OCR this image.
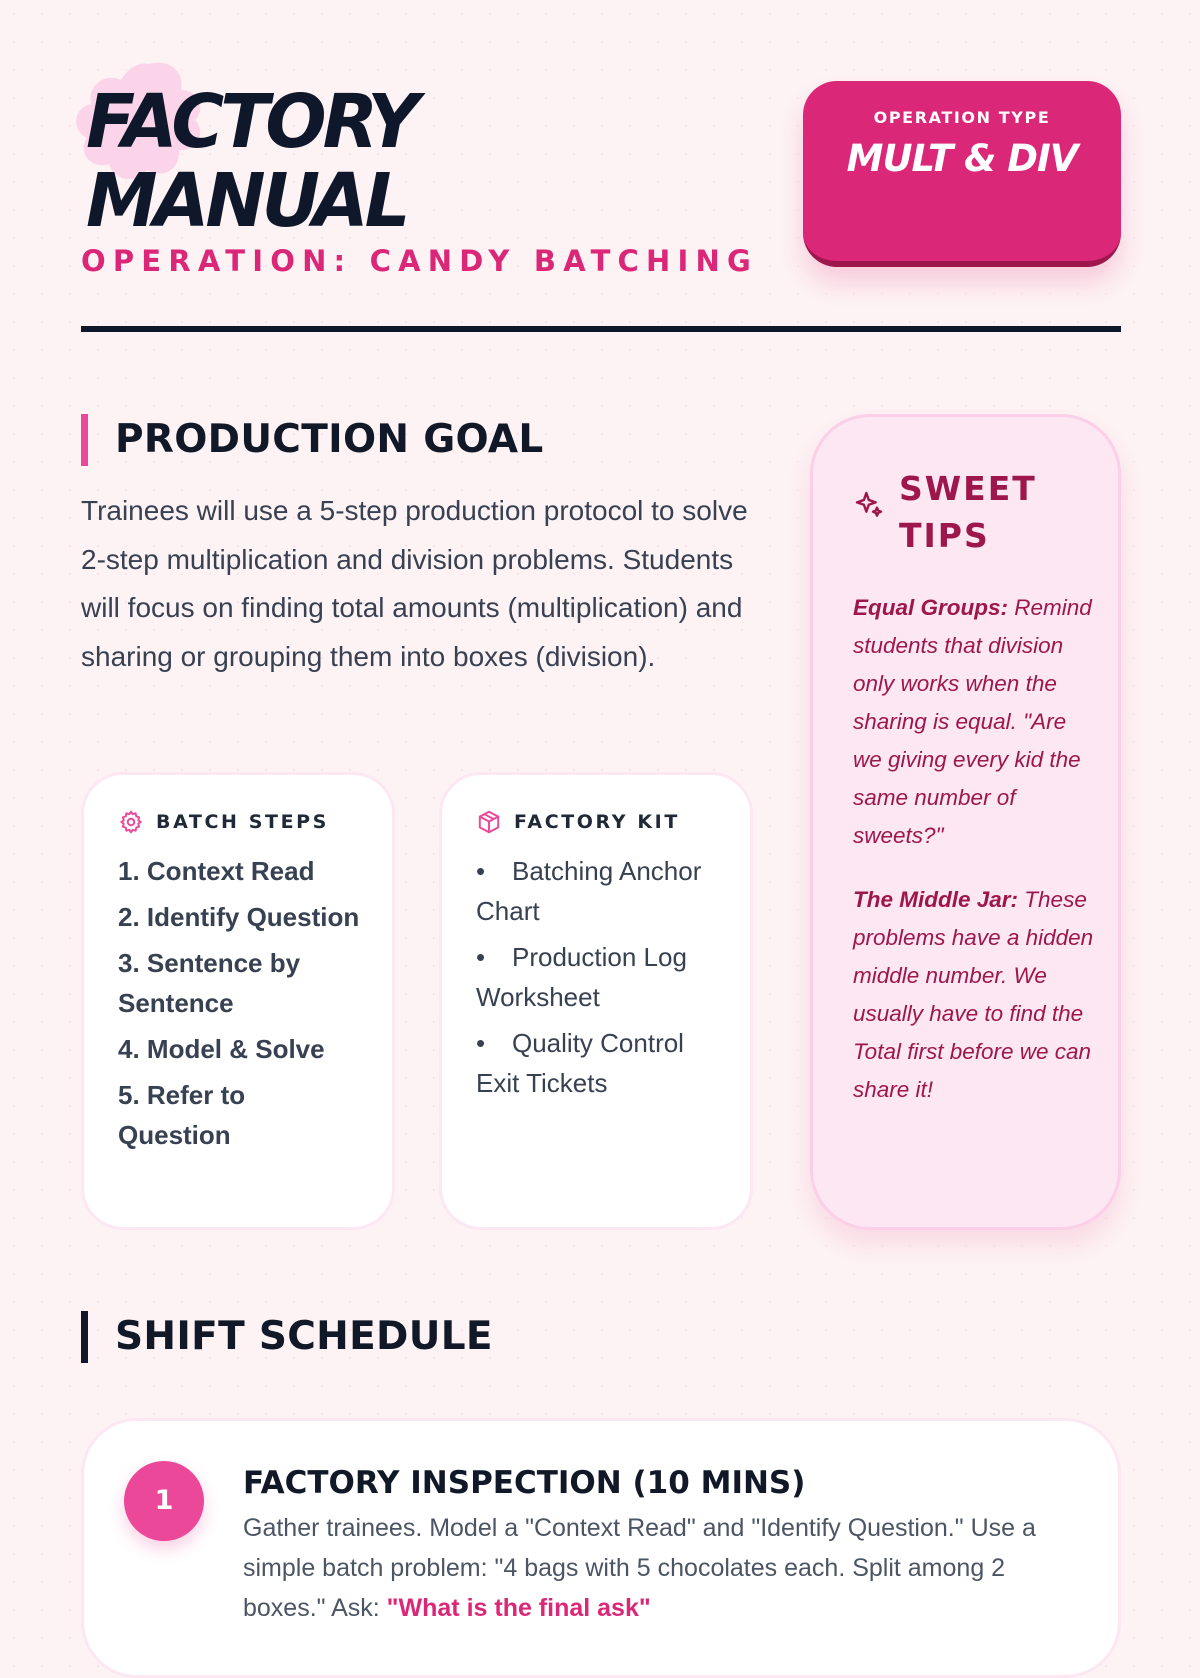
FACTORY
MANUAL

OPERATION: CANDY BATCHING

OPERATION TYPE
MULT & DIV
PRODUCTION GOAL

Trainees will use a 5-step production protocol to solve 2-step multiplication and division problems. Students will focus on finding total amounts (multiplication) and sharing or grouping them into boxes (division).

BATCH STEPS
1. Context Read
2. Identify Question
3. Sentence by Sentence
4. Model & Solve
5. Refer to Question
FACTORY KIT
• Batching Anchor Chart
• Production Log Worksheet
• Quality Control Exit Tickets
SWEET TIPS

Equal Groups: Remind students that division only works when the sharing is equal. "Are we giving every kid the same number of sweets?"

The Middle Jar: These problems have a hidden middle number. We usually have to find the Total first before we can share it!

SHIFT SCHEDULE
1	FACTORY INSPECTION (10 MINS)

Gather trainees. Model a "Context Read" and "Identify Question." Use a simple batch problem: "4 bags with 5 chocolates each. Split among 2 boxes." Ask: "What is the final ask"
